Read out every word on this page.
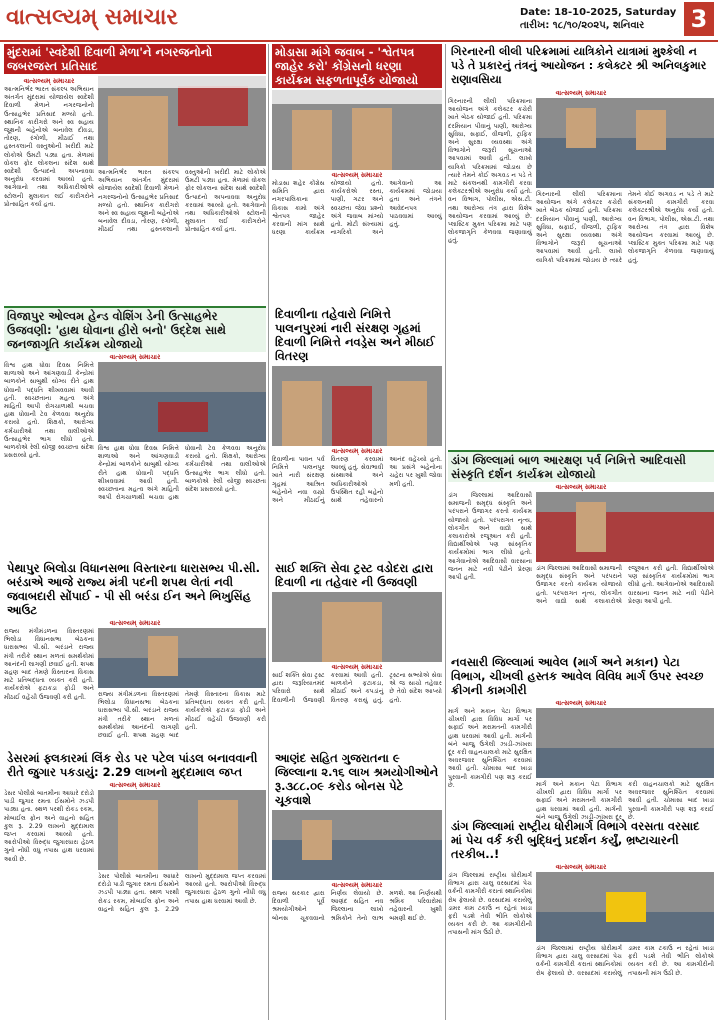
વાત્સલ્યમ્ સમાચાર	Date: 18-10-2025, Saturday
તારીખ: ૧૮/૧૦/૨૦૨૫, શનિવાર	3
મુંદરામાં 'સ્વદેશી દિવાળી મેળા'ને નગરજનોનો જબરજસ્ત પ્રતિસાદ
વાત્સલ્યમ્ સમાચાર
આત્મનિર્ભર ભારત સંકલ્પ અભિયાન અંતર્ગત મુંદરામાં યોજાયેલ સ્વદેશી દિવાળી મેળાને નગરજનોનો ઉત્સાહભેર પ્રતિસાદ મળ્યો હતો. સ્થાનિક કારીગરો અને સ્વ સહાય જૂથની બહેનોએ બનાવેલ દીવડા, તોરણ, રંગોળી, મીઠાઈ તથા હસ્તકલાની વસ્તુઓની ખરીદી માટે લોકોએ ઉમટી પડ્યા હતા. મેળામાં વોકલ ફોર લોકલના સંદેશ સાથે સ્વદેશી ઉત્પાદનો અપનાવવા અનુરોધ કરવામાં આવ્યો હતો. આગેવાનો તથા અધિકારીઓએ સ્ટોલની મુલાકાત લઈ કારીગરોને પ્રોત્સાહિત કર્યા હતા.
આત્મનિર્ભર ભારત સંકલ્પ અભિયાન અંતર્ગત મુંદરામાં યોજાયેલ સ્વદેશી દિવાળી મેળાને નગરજનોનો ઉત્સાહભેર પ્રતિસાદ મળ્યો હતો. સ્થાનિક કારીગરો અને સ્વ સહાય જૂથની બહેનોએ બનાવેલ દીવડા, તોરણ, રંગોળી, મીઠાઈ તથા હસ્તકલાની વસ્તુઓની ખરીદી માટે લોકોએ ઉમટી પડ્યા હતા. મેળામાં વોકલ ફોર લોકલના સંદેશ સાથે સ્વદેશી ઉત્પાદનો અપનાવવા અનુરોધ કરવામાં આવ્યો હતો. આગેવાનો તથા અધિકારીઓએ સ્ટોલની મુલાકાત લઈ કારીગરોને પ્રોત્સાહિત કર્યા હતા.
મોડાસા માંગે જવાબ - 'શ્વેતપત્ર જાહેર કરો' કોંગ્રેસનો ધરણા કાર્યક્રમ સફળતાપૂર્વક યોજાયો
વાત્સલ્યમ્ સમાચાર
મોડાસા શહેર કોંગ્રેસ સમિતિ દ્વારા નગરપાલિકાના વિકાસ કામો અંગે શ્વેતપત્ર જાહેર કરવાની માંગ સાથે ધરણા કાર્યક્રમ યોજાયો હતો. કાર્યકરોએ રસ્તા, પાણી, ગટર અને સ્વચ્છતા જેવા પ્રશ્નો અંગે જવાબ માંગ્યો હતો. મોટી સંખ્યામાં નાગરિકો અને આગેવાનો આ કાર્યક્રમમાં જોડાયા હતા અને તંત્રને આવેદનપત્ર પાઠવવામાં આવ્યું હતું.
ગિરનારની લીલી પરિક્રમામાં યાત્રિકોને યાત્રામાં મુશ્કેલી ન પડે તે પ્રકારનું તંત્રનું આયોજન : કલેક્ટર શ્રી અનિલકુમાર રાણાવસિયા
વાત્સલ્યમ્ સમાચાર
ગિરનારની લીલી પરિક્રમાના આયોજન અંગે કલેક્ટર કચેરી ખાતે બેઠક યોજાઈ હતી. પરિક્રમા દરમિયાન પીવાનું પાણી, આરોગ્ય સુવિધા, સફાઈ, વીજળી, ટ્રાફિક અને સુરક્ષા વ્યવસ્થા અંગે વિભાગોને જરૂરી સૂચનાઓ આપવામાં આવી હતી. લાખો યાત્રિકો પરિક્રમામાં જોડાય છે ત્યારે તેમને કોઈ અગવડ ન પડે તે માટે સંકલનથી કામગીરી કરવા કલેક્ટરશ્રીએ અનુરોધ કર્યો હતો. વન વિભાગ, પોલીસ, એસ.ટી. તથા આરોગ્ય તંત્ર દ્વારા વિશેષ આયોજન કરવામાં આવ્યું છે. પ્લાસ્ટિક મુક્ત પરિક્રમા માટે પણ લોકજાગૃતિ કેળવવા જણાવાયું હતું.
ગિરનારની લીલી પરિક્રમાના આયોજન અંગે કલેક્ટર કચેરી ખાતે બેઠક યોજાઈ હતી. પરિક્રમા દરમિયાન પીવાનું પાણી, આરોગ્ય સુવિધા, સફાઈ, વીજળી, ટ્રાફિક અને સુરક્ષા વ્યવસ્થા અંગે વિભાગોને જરૂરી સૂચનાઓ આપવામાં આવી હતી. લાખો યાત્રિકો પરિક્રમામાં જોડાય છે ત્યારે તેમને કોઈ અગવડ ન પડે તે માટે સંકલનથી કામગીરી કરવા કલેક્ટરશ્રીએ અનુરોધ કર્યો હતો. વન વિભાગ, પોલીસ, એસ.ટી. તથા આરોગ્ય તંત્ર દ્વારા વિશેષ આયોજન કરવામાં આવ્યું છે. પ્લાસ્ટિક મુક્ત પરિક્રમા માટે પણ લોકજાગૃતિ કેળવવા જણાવાયું હતું.
વિજાપુર ઓલ્વમ હેન્ડ વોશિંગ ડેની ઉત્સાહભેર ઉજવણી: 'હાથ ધોવાના હીરો બનો' ઉદ્દેશ સાથે જનજાગૃતિ કાર્યક્રમ યોજાયો
વાત્સલ્યમ્ સમાચાર
વિશ્વ હાથ ધોવા દિવસ નિમિત્તે શાળાઓ અને આંગણવાડી કેન્દ્રોમાં બાળકોને સાબુથી યોગ્ય રીતે હાથ ધોવાની પદ્ધતિ શીખવવામાં આવી હતી. સ્વચ્છતાના મહત્વ અંગે માહિતી આપી રોગચાળાથી બચવા હાથ ધોવાની ટેવ કેળવવા અનુરોધ કરાયો હતો. શિક્ષકો, આરોગ્ય કર્મચારીઓ તથા વાલીઓએ ઉત્સાહભેર ભાગ લીધો હતો. બાળકોએ રેલી યોજી સ્વચ્છતા સંદેશ પ્રસરાવ્યો હતો.
વિશ્વ હાથ ધોવા દિવસ નિમિત્તે શાળાઓ અને આંગણવાડી કેન્દ્રોમાં બાળકોને સાબુથી યોગ્ય રીતે હાથ ધોવાની પદ્ધતિ શીખવવામાં આવી હતી. સ્વચ્છતાના મહત્વ અંગે માહિતી આપી રોગચાળાથી બચવા હાથ ધોવાની ટેવ કેળવવા અનુરોધ કરાયો હતો. શિક્ષકો, આરોગ્ય કર્મચારીઓ તથા વાલીઓએ ઉત્સાહભેર ભાગ લીધો હતો. બાળકોએ રેલી યોજી સ્વચ્છતા સંદેશ પ્રસરાવ્યો હતો.
દિવાળીના તહેવારો નિમિત્તે પાલનપુરમાં નારી સંરક્ષણ ગૃહમાં દિવાળી નિમિત્તે નવડ્રેસ અને મીઠાઈ વિતરણ
વાત્સલ્યમ્ સમાચાર
દિવાળીના પાવન પર્વ નિમિત્તે પાલનપુર ખાતે નારી સંરક્ષણ ગૃહમાં આશ્રિત બહેનોને નવા વસ્ત્રો અને મીઠાઈનું વિતરણ કરવામાં આવ્યું હતું. સેવાભાવી સંસ્થાઓ અને અધિકારીઓએ ઉપસ્થિત રહી બહેનો સાથે તહેવારનો આનંદ વહેંચ્યો હતો. આ પ્રસંગે બહેનોના ચહેરા પર ખુશી જોવા મળી હતી.
ડાંગ જિલ્લામાં બાળ આરક્ષણ પર્વ નિમિત્તે આદિવાસી સંસ્કૃતિ દર્શન કાર્યક્રમ યોજાયો
વાત્સલ્યમ્ સમાચાર
ડાંગ જિલ્લામાં આદિવાસી સમાજની સમૃદ્ધ સંસ્કૃતિ અને પરંપરાને ઉજાગર કરતો કાર્યક્રમ યોજાયો હતો. પરંપરાગત નૃત્ય, લોકગીત અને વાદ્યો સાથે કલાકારોએ રજૂઆત કરી હતી. વિદ્યાર્થીઓએ પણ સાંસ્કૃતિક કાર્યક્રમોમાં ભાગ લીધો હતો. આગેવાનોએ આદિવાસી વારસાના જતન માટે નવી પેઢીને પ્રેરણા આપી હતી.
ડાંગ જિલ્લામાં આદિવાસી સમાજની સમૃદ્ધ સંસ્કૃતિ અને પરંપરાને ઉજાગર કરતો કાર્યક્રમ યોજાયો હતો. પરંપરાગત નૃત્ય, લોકગીત અને વાદ્યો સાથે કલાકારોએ રજૂઆત કરી હતી. વિદ્યાર્થીઓએ પણ સાંસ્કૃતિક કાર્યક્રમોમાં ભાગ લીધો હતો. આગેવાનોએ આદિવાસી વારસાના જતન માટે નવી પેઢીને પ્રેરણા આપી હતી.
પેથાપુર બિલોડા વિધાનસભા વિસ્તારના ધારાસભ્ય પી.સી. બરંડાએ આજે રાજ્ય મંત્રી પદની શપથ લેતાં નવી જવાબદારી સોંપાઈ - પી સી બરંડા ઈન અને ભિખુસિંહ આઉટ
વાત્સલ્યમ્ સમાચાર
રાજ્ય મંત્રીમંડળના વિસ્તરણમાં ભિલોડા વિધાનસભા બેઠકના ધારાસભ્ય પી.સી. બરંડાને રાજ્ય મંત્રી તરીકે સ્થાન મળતાં સમર્થકોમાં આનંદની લાગણી છવાઈ હતી. શપથ ગ્રહણ બાદ તેમણે વિસ્તારના વિકાસ માટે પ્રતિબદ્ધતા વ્યક્ત કરી હતી. કાર્યકરોએ ફટાકડા ફોડી અને મીઠાઈ વહેંચી ઉજવણી કરી હતી.	રાજ્ય મંત્રીમંડળના વિસ્તરણમાં ભિલોડા વિધાનસભા બેઠકના ધારાસભ્ય પી.સી. બરંડાને રાજ્ય મંત્રી તરીકે સ્થાન મળતાં સમર્થકોમાં આનંદની લાગણી છવાઈ હતી. શપથ ગ્રહણ બાદ તેમણે વિસ્તારના વિકાસ માટે પ્રતિબદ્ધતા વ્યક્ત કરી હતી. કાર્યકરોએ ફટાકડા ફોડી અને મીઠાઈ વહેંચી ઉજવણી કરી હતી.
સાઈ શક્તિ સેવા ટ્રસ્ટ વડોદરા દ્વારા દિવાળી ના તહેવાર ની ઉજવણી
વાત્સલ્યમ્ સમાચાર
સાઈ શક્તિ સેવા ટ્રસ્ટ દ્વારા જરૂરિયાતમંદ પરિવારો સાથે દિવાળીની ઉજવણી કરવામાં આવી હતી. બાળકોને ફટાકડા, મીઠાઈ અને કપડાંનું વિતરણ કરાયું હતું. ટ્રસ્ટના સભ્યોએ સેવા એ જ સાચો તહેવાર છે તેવો સંદેશ આપ્યો હતો.
નવસારી જિલ્લામાં આવેલ (માર્ગ અને મકાન) પેટા વિભાગ, ચીખલી હસ્તક આવેલ વિવિધ માર્ગ ઉપર સ્વચ્છ ક્રીગની કામગીરી
વાત્સલ્યમ્ સમાચાર
માર્ગ અને મકાન પેટા વિભાગ ચીખલી દ્વારા વિવિધ માર્ગો પર સફાઈ અને મરામતની કામગીરી હાથ ધરવામાં આવી હતી. માર્ગની બંને બાજુ ઉગેલી ઝાડી-ઝાંખરા દૂર કરી વાહનચાલકો માટે સુરક્ષિત અવરજવર સુનિશ્ચિત કરવામાં આવી હતી. ચોમાસા બાદ ખાડા પુરવાની કામગીરી પણ શરૂ કરાઈ છે.	માર્ગ અને મકાન પેટા વિભાગ ચીખલી દ્વારા વિવિધ માર્ગો પર સફાઈ અને મરામતની કામગીરી હાથ ધરવામાં આવી હતી. માર્ગની બંને બાજુ ઉગેલી ઝાડી-ઝાંખરા દૂર કરી વાહનચાલકો માટે સુરક્ષિત અવરજવર સુનિશ્ચિત કરવામાં આવી હતી. ચોમાસા બાદ ખાડા પુરવાની કામગીરી પણ શરૂ કરાઈ છે.
ડેસરમાં ફ્લકારમાં લિંક રોડ પર પટેલ પાંડલ બનાવવાની રીતે જુગાર પકડાયું: 2.29 લાખનો મુદ્દામાલ જપ્ત
વાત્સલ્યમ્ સમાચાર
ડેસર પોલીસે બાતમીના આધારે દરોડો પાડી જુગાર રમતા ઈસમોને ઝડપી પાડ્યા હતા. સ્થળ પરથી રોકડ રકમ, મોબાઈલ ફોન અને વાહનો સહિત કુલ રૂ. 2.29 લાખનો મુદ્દામાલ જપ્ત કરવામાં આવ્યો હતો. આરોપીઓ વિરુદ્ધ જુગારધારા હેઠળ ગુનો નોંધી વધુ તપાસ હાથ ધરવામાં આવી છે.
ડેસર પોલીસે બાતમીના આધારે દરોડો પાડી જુગાર રમતા ઈસમોને ઝડપી પાડ્યા હતા. સ્થળ પરથી રોકડ રકમ, મોબાઈલ ફોન અને વાહનો સહિત કુલ રૂ. 2.29 લાખનો મુદ્દામાલ જપ્ત કરવામાં આવ્યો હતો. આરોપીઓ વિરુદ્ધ જુગારધારા હેઠળ ગુનો નોંધી વધુ તપાસ હાથ ધરવામાં આવી છે.
આણંદ સહિત ગુજરાતના ૯ જિલ્લાના ૨.૧૬ લાખ શ્રમયોગીઓને રૂ.૩૮૮.૦૯ કરોડ બોનસ પેટે ચૂકવાશે
વાત્સલ્યમ્ સમાચાર
રાજ્ય સરકાર દ્વારા દિવાળી પૂર્વે શ્રમયોગીઓને બોનસ ચૂકવવાનો નિર્ણય લેવાયો છે. આણંદ સહિત નવ જિલ્લાના લાખો શ્રમિકોને તેનો લાભ મળશે. આ નિર્ણયથી શ્રમિક પરિવારોમાં તહેવારની ખુશી બમણી થઈ છે.
ડાંગ જિલ્લામાં રાષ્ટ્રીય ધોરીમાર્ગ વિભાગે વરસતા વરસાદ માં પેચ વર્ક કરી બુદ્ધિનું પ્રદર્શન કર્યું, ભ્રષ્ટાચારની તરકીબ..!
વાત્સલ્યમ્ સમાચાર
ડાંગ જિલ્લામાં રાષ્ટ્રીય ધોરીમાર્ગ વિભાગ દ્વારા ચાલુ વરસાદમાં પેચ વર્કની કામગીરી કરાતાં સ્થાનિકોમાં રોષ ફેલાયો છે. વરસાદમાં કરાયેલું ડામર કામ ટકાઉ ન રહેતાં ખાડા ફરી પડશે તેવી ભીતિ લોકોએ વ્યક્ત કરી છે. આ કામગીરીની તપાસની માંગ ઉઠી છે.
ડાંગ જિલ્લામાં રાષ્ટ્રીય ધોરીમાર્ગ વિભાગ દ્વારા ચાલુ વરસાદમાં પેચ વર્કની કામગીરી કરાતાં સ્થાનિકોમાં રોષ ફેલાયો છે. વરસાદમાં કરાયેલું ડામર કામ ટકાઉ ન રહેતાં ખાડા ફરી પડશે તેવી ભીતિ લોકોએ વ્યક્ત કરી છે. આ કામગીરીની તપાસની માંગ ઉઠી છે.
